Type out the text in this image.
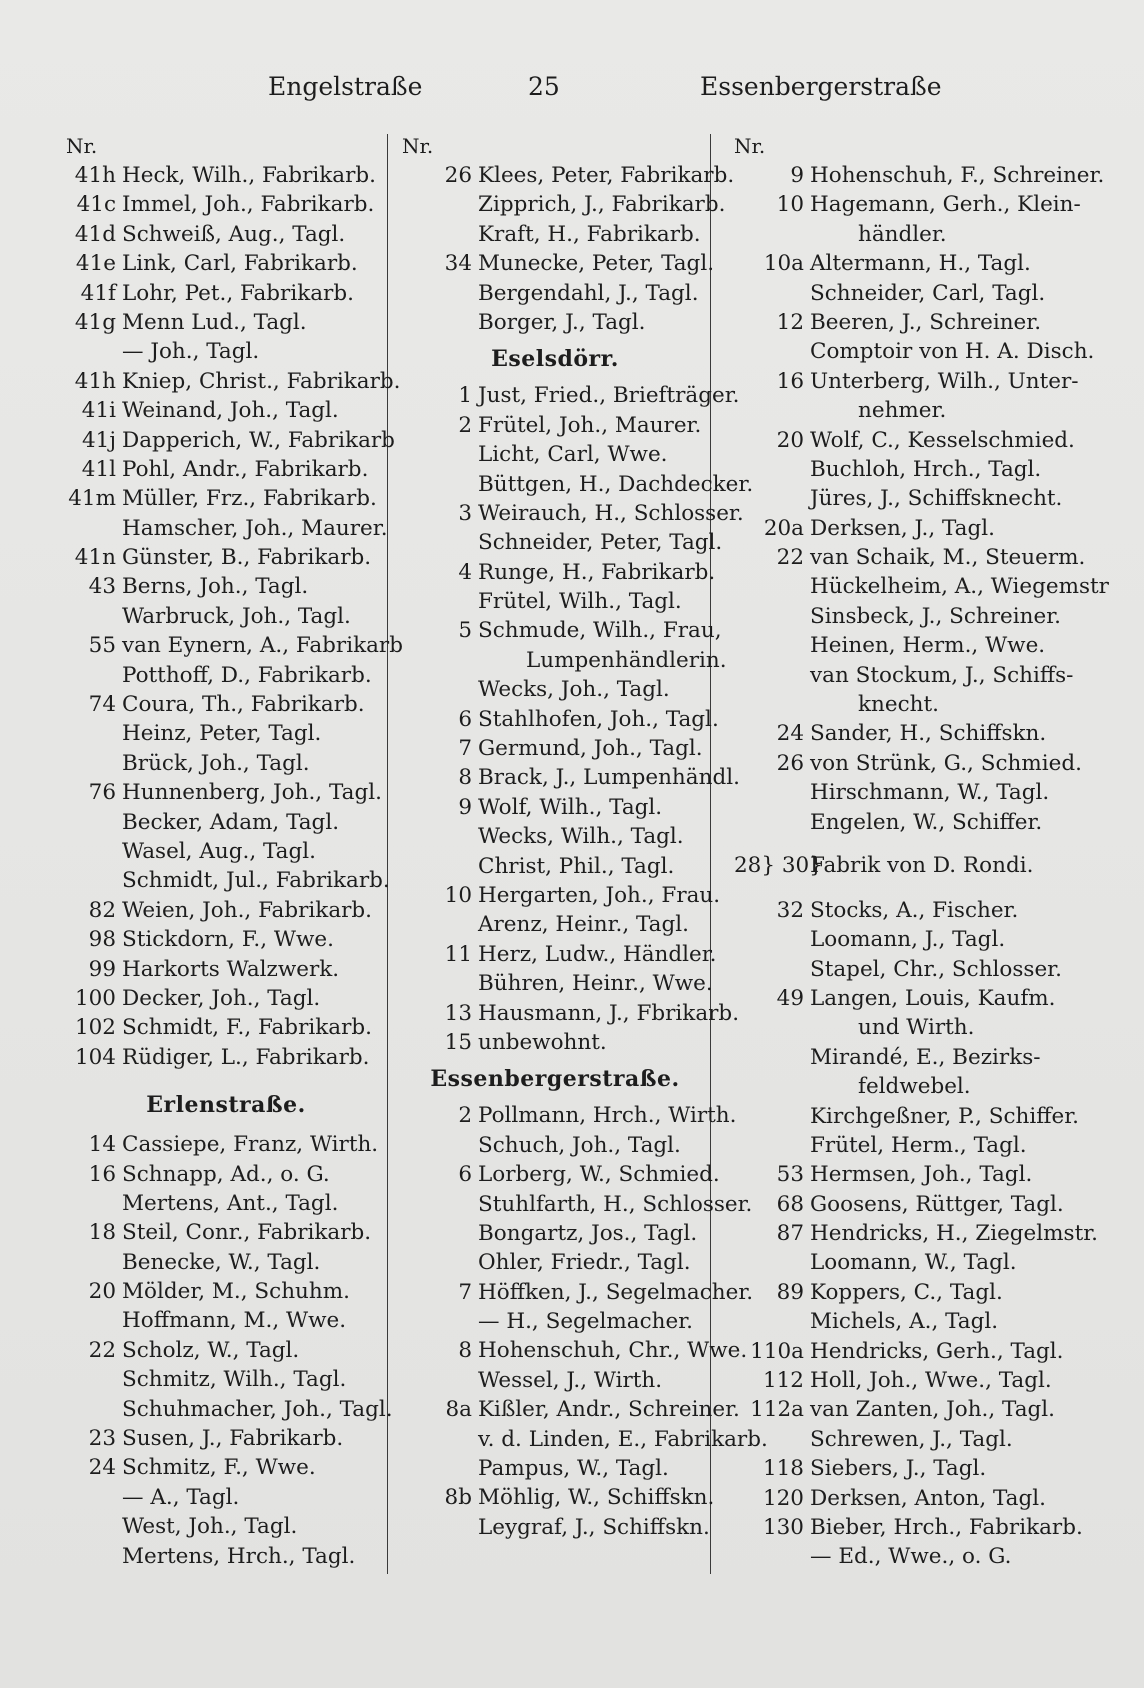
Engelstraße	25	Essenbergerstraße
Nr.
41h Heck, Wilh., Fabrikarb.
41c Immel, Joh., Fabrikarb.
41d Schweiß, Aug., Tagl.
41e Link, Carl, Fabrikarb.
41f Lohr, Pet., Fabrikarb.
41g Menn Lud., Tagl.
— Joh., Tagl.
41h Kniep, Christ., Fabrikarb.
41i Weinand, Joh., Tagl.
41j Dapperich, W., Fabrikarb
41l Pohl, Andr., Fabrikarb.
41m Müller, Frz., Fabrikarb.
Hamscher, Joh., Maurer.
41n Günster, B., Fabrikarb.
43 Berns, Joh., Tagl.
Warbruck, Joh., Tagl.
55 van Eynern, A., Fabrikarb
Potthoff, D., Fabrikarb.
74 Coura, Th., Fabrikarb.
Heinz, Peter, Tagl.
Brück, Joh., Tagl.
76 Hunnenberg, Joh., Tagl.
Becker, Adam, Tagl.
Wasel, Aug., Tagl.
Schmidt, Jul., Fabrikarb.
82 Weien, Joh., Fabrikarb.
98 Stickdorn, F., Wwe.
99 Harkorts Walzwerk.
100 Decker, Joh., Tagl.
102 Schmidt, F., Fabrikarb.
104 Rüdiger, L., Fabrikarb.
Erlenstraße.
14 Cassiepe, Franz, Wirth.
16 Schnapp, Ad., o. G.
Mertens, Ant., Tagl.
18 Steil, Conr., Fabrikarb.
Benecke, W., Tagl.
20 Mölder, M., Schuhm.
Hoffmann, M., Wwe.
22 Scholz, W., Tagl.
Schmitz, Wilh., Tagl.
Schuhmacher, Joh., Tagl.
23 Susen, J., Fabrikarb.
24 Schmitz, F., Wwe.
— A., Tagl.
West, Joh., Tagl.
Mertens, Hrch., Tagl.
Nr.
26 Klees, Peter, Fabrikarb.
Zipprich, J., Fabrikarb.
Kraft, H., Fabrikarb.
34 Munecke, Peter, Tagl.
Bergendahl, J., Tagl.
Borger, J., Tagl.
Eselsdörr.
1 Just, Fried., Briefträger.
2 Frütel, Joh., Maurer.
Licht, Carl, Wwe.
Büttgen, H., Dachdecker.
3 Weirauch, H., Schlosser.
Schneider, Peter, Tagl.
4 Runge, H., Fabrikarb.
Frütel, Wilh., Tagl.
5 Schmude, Wilh., Frau,
Lumpenhändlerin.
Wecks, Joh., Tagl.
6 Stahlhofen, Joh., Tagl.
7 Germund, Joh., Tagl.
8 Brack, J., Lumpenhändl.
9 Wolf, Wilh., Tagl.
Wecks, Wilh., Tagl.
Christ, Phil., Tagl.
10 Hergarten, Joh., Frau.
Arenz, Heinr., Tagl.
11 Herz, Ludw., Händler.
Bühren, Heinr., Wwe.
13 Hausmann, J., Fbrikarb.
15 unbewohnt.
Essenbergerstraße.
2 Pollmann, Hrch., Wirth.
Schuch, Joh., Tagl.
6 Lorberg, W., Schmied.
Stuhlfarth, H., Schlosser.
Bongartz, Jos., Tagl.
Ohler, Friedr., Tagl.
7 Höffken, J., Segelmacher.
— H., Segelmacher.
8 Hohenschuh, Chr., Wwe.
Wessel, J., Wirth.
8a Kißler, Andr., Schreiner.
v. d. Linden, E., Fabrikarb.
Pampus, W., Tagl.
8b Möhlig, W., Schiffskn.
Leygraf, J., Schiffskn.
Nr.
9 Hohenschuh, F., Schreiner.
10 Hagemann, Gerh., Klein-
händler.
10a Altermann, H., Tagl.
Schneider, Carl, Tagl.
12 Beeren, J., Schreiner.
Comptoir von H. A. Disch.
16 Unterberg, Wilh., Unter-
nehmer.
20 Wolf, C., Kesselschmied.
Buchloh, Hrch., Tagl.
Jüres, J., Schiffsknecht.
20a Derksen, J., Tagl.
22 van Schaik, M., Steuerm.
Hückelheim, A., Wiegemstr
Sinsbeck, J., Schreiner.
Heinen, Herm., Wwe.
van Stockum, J., Schiffs-
knecht.
24 Sander, H., Schiffskn.
26 von Strünk, G., Schmied.
Hirschmann, W., Tagl.
Engelen, W., Schiffer.
28} 30}
Fabrik von D. Rondi.
32 Stocks, A., Fischer.
Loomann, J., Tagl.
Stapel, Chr., Schlosser.
49 Langen, Louis, Kaufm.
und Wirth.
Mirandé, E., Bezirks-
feldwebel.
Kirchgeßner, P., Schiffer.
Frütel, Herm., Tagl.
53 Hermsen, Joh., Tagl.
68 Goosens, Rüttger, Tagl.
87 Hendricks, H., Ziegelmstr.
Loomann, W., Tagl.
89 Koppers, C., Tagl.
Michels, A., Tagl.
110a Hendricks, Gerh., Tagl.
112 Holl, Joh., Wwe., Tagl.
112a van Zanten, Joh., Tagl.
Schrewen, J., Tagl.
118 Siebers, J., Tagl.
120 Derksen, Anton, Tagl.
130 Bieber, Hrch., Fabrikarb.
— Ed., Wwe., o. G.
